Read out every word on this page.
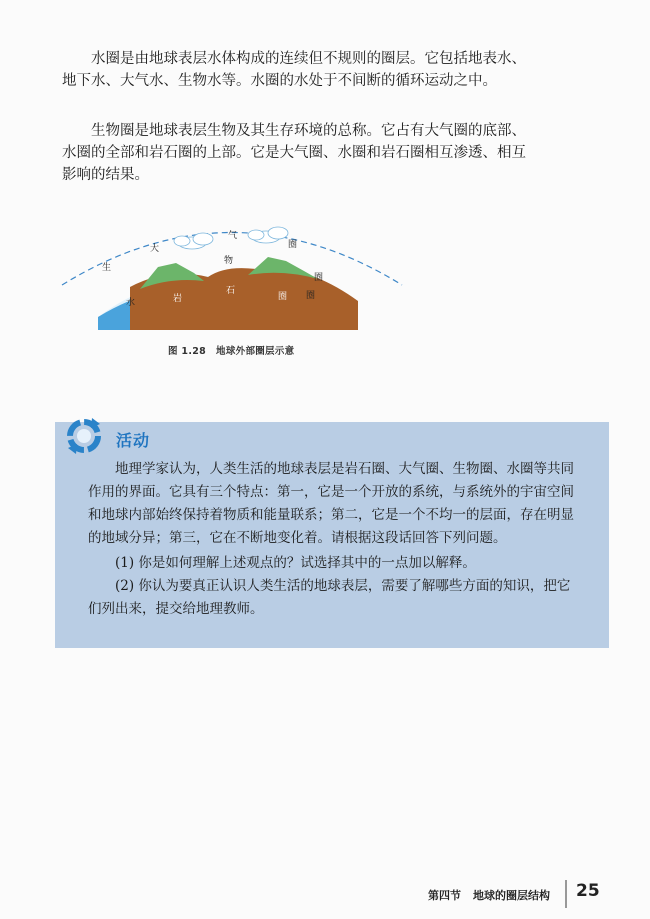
水圈是由地球表层水体构成的连续但不规则的圈层。它包括地表水、地下水、大气水、生物水等。水圈的水处于不间断的循环运动之中。

生物圈是地球表层生物及其生存环境的总称。它占有大气圈的底部、水圈的全部和岩石圈的上部。它是大气圈、水圈和岩石圈相互渗透、相互影响的结果。

大
气
圈
生
物
圈
水
圈
岩
石
圈
图 1.28 地球外部圈层示意
活动

地理学家认为，人类生活的地球表层是岩石圈、大气圈、生物圈、水圈等共同作用的界面。它具有三个特点：第一，它是一个开放的系统，与系统外的宇宙空间和地球内部始终保持着物质和能量联系；第二，它是一个不均一的层面，存在明显的地域分异；第三，它在不断地变化着。请根据这段话回答下列问题。

(1) 你是如何理解上述观点的？试选择其中的一点加以解释。

(2) 你认为要真正认识人类生活的地球表层，需要了解哪些方面的知识，把它们列出来，提交给地理教师。

第四节 地球的圈层结构	25
